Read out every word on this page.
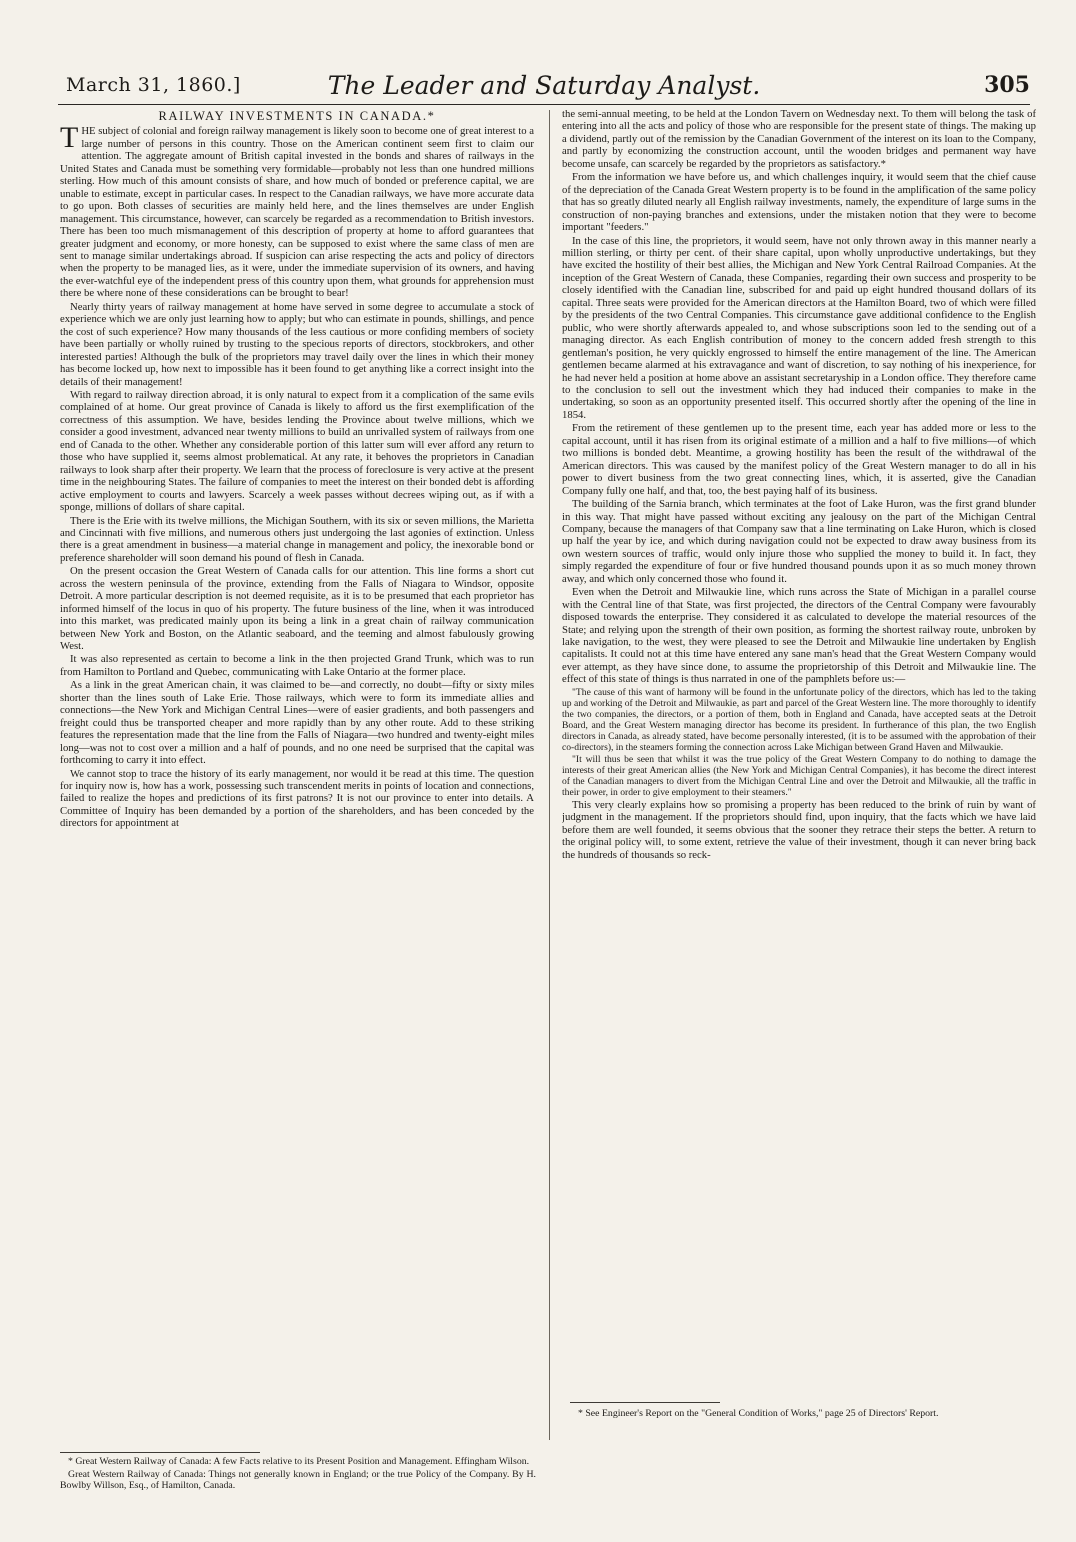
March 31, 1860.]	The Leader and Saturday Analyst.	305
RAILWAY INVESTMENTS IN CANADA.*

THE subject of colonial and foreign railway management is likely soon to become one of great interest to a large number of persons in this country. Those on the American continent seem first to claim our attention. The aggregate amount of British capital invested in the bonds and shares of railways in the United States and Canada must be something very formidable—probably not less than one hundred millions sterling. How much of this amount consists of share, and how much of bonded or preference capital, we are unable to estimate, except in particular cases. In respect to the Canadian railways, we have more accurate data to go upon. Both classes of securities are mainly held here, and the lines themselves are under English management. This circumstance, however, can scarcely be regarded as a recommendation to British investors. There has been too much mismanagement of this description of property at home to afford guarantees that greater judgment and economy, or more honesty, can be supposed to exist where the same class of men are sent to manage similar undertakings abroad. If suspicion can arise respecting the acts and policy of directors when the property to be managed lies, as it were, under the immediate supervision of its owners, and having the ever-watchful eye of the independent press of this country upon them, what grounds for apprehension must there be where none of these considerations can be brought to bear!

Nearly thirty years of railway management at home have served in some degree to accumulate a stock of experience which we are only just learning how to apply; but who can estimate in pounds, shillings, and pence the cost of such experience? How many thousands of the less cautious or more confiding members of society have been partially or wholly ruined by trusting to the specious reports of directors, stockbrokers, and other interested parties! Although the bulk of the proprietors may travel daily over the lines in which their money has become locked up, how next to impossible has it been found to get anything like a correct insight into the details of their management!

With regard to railway direction abroad, it is only natural to expect from it a complication of the same evils complained of at home. Our great province of Canada is likely to afford us the first exemplification of the correctness of this assumption. We have, besides lending the Province about twelve millions, which we consider a good investment, advanced near twenty millions to build an unrivalled system of railways from one end of Canada to the other. Whether any considerable portion of this latter sum will ever afford any return to those who have supplied it, seems almost problematical. At any rate, it behoves the proprietors in Canadian railways to look sharp after their property. We learn that the process of foreclosure is very active at the present time in the neighbouring States. The failure of companies to meet the interest on their bonded debt is affording active employment to courts and lawyers. Scarcely a week passes without decrees wiping out, as if with a sponge, millions of dollars of share capital.

There is the Erie with its twelve millions, the Michigan Southern, with its six or seven millions, the Marietta and Cincinnati with five millions, and numerous others just undergoing the last agonies of extinction. Unless there is a great amendment in business—a material change in management and policy, the inexorable bond or preference shareholder will soon demand his pound of flesh in Canada.

On the present occasion the Great Western of Canada calls for our attention. This line forms a short cut across the western peninsula of the province, extending from the Falls of Niagara to Windsor, opposite Detroit. A more particular description is not deemed requisite, as it is to be presumed that each proprietor has informed himself of the locus in quo of his property. The future business of the line, when it was introduced into this market, was predicated mainly upon its being a link in a great chain of railway communication between New York and Boston, on the Atlantic seaboard, and the teeming and almost fabulously growing West.

It was also represented as certain to become a link in the then projected Grand Trunk, which was to run from Hamilton to Portland and Quebec, communicating with Lake Ontario at the former place.

As a link in the great American chain, it was claimed to be—and correctly, no doubt—fifty or sixty miles shorter than the lines south of Lake Erie. Those railways, which were to form its immediate allies and connections—the New York and Michigan Central Lines—were of easier gradients, and both passengers and freight could thus be transported cheaper and more rapidly than by any other route. Add to these striking features the representation made that the line from the Falls of Niagara—two hundred and twenty-eight miles long—was not to cost over a million and a half of pounds, and no one need be surprised that the capital was forthcoming to carry it into effect.

We cannot stop to trace the history of its early management, nor would it be read at this time. The question for inquiry now is, how has a work, possessing such transcendent merits in points of location and connections, failed to realize the hopes and predictions of its first patrons? It is not our province to enter into details. A Committee of Inquiry has been demanded by a portion of the shareholders, and has been conceded by the directors for appointment at

* Great Western Railway of Canada: A few Facts relative to its Present Position and Management. Effingham Wilson.

Great Western Railway of Canada: Things not generally known in England; or the true Policy of the Company. By H. Bowlby Willson, Esq., of Hamilton, Canada.

the semi-annual meeting, to be held at the London Tavern on Wednesday next. To them will belong the task of entering into all the acts and policy of those who are responsible for the present state of things. The making up a dividend, partly out of the remission by the Canadian Government of the interest on its loan to the Company, and partly by economizing the construction account, until the wooden bridges and permanent way have become unsafe, can scarcely be regarded by the proprietors as satisfactory.*

From the information we have before us, and which challenges inquiry, it would seem that the chief cause of the depreciation of the Canada Great Western property is to be found in the amplification of the same policy that has so greatly diluted nearly all English railway investments, namely, the expenditure of large sums in the construction of non-paying branches and extensions, under the mistaken notion that they were to become important "feeders."

In the case of this line, the proprietors, it would seem, have not only thrown away in this manner nearly a million sterling, or thirty per cent. of their share capital, upon wholly unproductive undertakings, but they have excited the hostility of their best allies, the Michigan and New York Central Railroad Companies. At the inception of the Great Western of Canada, these Companies, regarding their own success and prosperity to be closely identified with the Canadian line, subscribed for and paid up eight hundred thousand dollars of its capital. Three seats were provided for the American directors at the Hamilton Board, two of which were filled by the presidents of the two Central Companies. This circumstance gave additional confidence to the English public, who were shortly afterwards appealed to, and whose subscriptions soon led to the sending out of a managing director. As each English contribution of money to the concern added fresh strength to this gentleman's position, he very quickly engrossed to himself the entire management of the line. The American gentlemen became alarmed at his extravagance and want of discretion, to say nothing of his inexperience, for he had never held a position at home above an assistant secretaryship in a London office. They therefore came to the conclusion to sell out the investment which they had induced their companies to make in the undertaking, so soon as an opportunity presented itself. This occurred shortly after the opening of the line in 1854.

From the retirement of these gentlemen up to the present time, each year has added more or less to the capital account, until it has risen from its original estimate of a million and a half to five millions—of which two millions is bonded debt. Meantime, a growing hostility has been the result of the withdrawal of the American directors. This was caused by the manifest policy of the Great Western manager to do all in his power to divert business from the two great connecting lines, which, it is asserted, give the Canadian Company fully one half, and that, too, the best paying half of its business.

The building of the Sarnia branch, which terminates at the foot of Lake Huron, was the first grand blunder in this way. That might have passed without exciting any jealousy on the part of the Michigan Central Company, because the managers of that Company saw that a line terminating on Lake Huron, which is closed up half the year by ice, and which during navigation could not be expected to draw away business from its own western sources of traffic, would only injure those who supplied the money to build it. In fact, they simply regarded the expenditure of four or five hundred thousand pounds upon it as so much money thrown away, and which only concerned those who found it.

Even when the Detroit and Milwaukie line, which runs across the State of Michigan in a parallel course with the Central line of that State, was first projected, the directors of the Central Company were favourably disposed towards the enterprise. They considered it as calculated to develope the material resources of the State; and relying upon the strength of their own position, as forming the shortest railway route, unbroken by lake navigation, to the west, they were pleased to see the Detroit and Milwaukie line undertaken by English capitalists. It could not at this time have entered any sane man's head that the Great Western Company would ever attempt, as they have since done, to assume the proprietorship of this Detroit and Milwaukie line. The effect of this state of things is thus narrated in one of the pamphlets before us:—

"The cause of this want of harmony will be found in the unfortunate policy of the directors, which has led to the taking up and working of the Detroit and Milwaukie, as part and parcel of the Great Western line. The more thoroughly to identify the two companies, the directors, or a portion of them, both in England and Canada, have accepted seats at the Detroit Board, and the Great Western managing director has become its president. In furtherance of this plan, the two English directors in Canada, as already stated, have become personally interested, (it is to be assumed with the approbation of their co-directors), in the steamers forming the connection across Lake Michigan between Grand Haven and Milwaukie.

"It will thus be seen that whilst it was the true policy of the Great Western Company to do nothing to damage the interests of their great American allies (the New York and Michigan Central Companies), it has become the direct interest of the Canadian managers to divert from the Michigan Central Line and over the Detroit and Milwaukie, all the traffic in their power, in order to give employment to their steamers."

This very clearly explains how so promising a property has been reduced to the brink of ruin by want of judgment in the management. If the proprietors should find, upon inquiry, that the facts which we have laid before them are well founded, it seems obvious that the sooner they retrace their steps the better. A return to the original policy will, to some extent, retrieve the value of their investment, though it can never bring back the hundreds of thousands so reck-

* See Engineer's Report on the "General Condition of Works," page 25 of Directors' Report.
